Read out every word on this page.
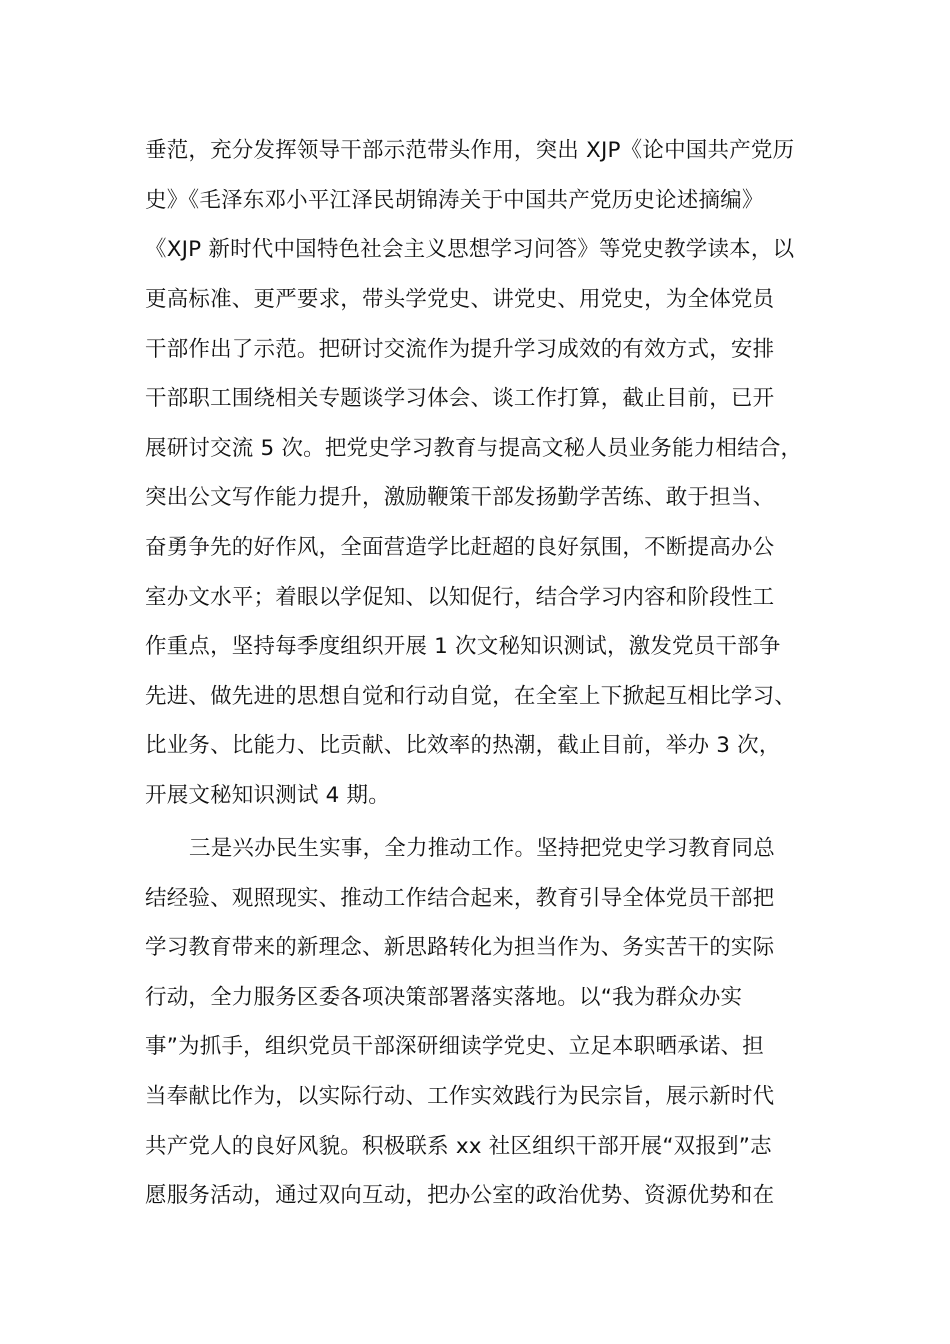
垂范，充分发挥领导干部示范带头作用，突出 XJP《论中国共产党历
史》《毛泽东邓小平江泽民胡锦涛关于中国共产党历史论述摘编》
《XJP 新时代中国特色社会主义思想学习问答》等党史教学读本，以
更高标准、更严要求，带头学党史、讲党史、用党史，为全体党员
干部作出了示范。把研讨交流作为提升学习成效的有效方式，安排
干部职工围绕相关专题谈学习体会、谈工作打算，截止目前，已开
展研讨交流 5 次。把党史学习教育与提高文秘人员业务能力相结合，
突出公文写作能力提升，激励鞭策干部发扬勤学苦练、敢于担当、
奋勇争先的好作风，全面营造学比赶超的良好氛围，不断提高办公
室办文水平；着眼以学促知、以知促行，结合学习内容和阶段性工
作重点，坚持每季度组织开展 1 次文秘知识测试，激发党员干部争
先进、做先进的思想自觉和行动自觉，在全室上下掀起互相比学习、
比业务、比能力、比贡献、比效率的热潮，截止目前，举办 3 次，
开展文秘知识测试 4 期。
三是兴办民生实事，全力推动工作。坚持把党史学习教育同总
结经验、观照现实、推动工作结合起来，教育引导全体党员干部把
学习教育带来的新理念、新思路转化为担当作为、务实苦干的实际
行动，全力服务区委各项决策部署落实落地。以“我为群众办实
事”为抓手，组织党员干部深研细读学党史、立足本职晒承诺、担
当奉献比作为，以实际行动、工作实效践行为民宗旨，展示新时代
共产党人的良好风貌。积极联系 xx 社区组织干部开展“双报到”志
愿服务活动，通过双向互动，把办公室的政治优势、资源优势和在
